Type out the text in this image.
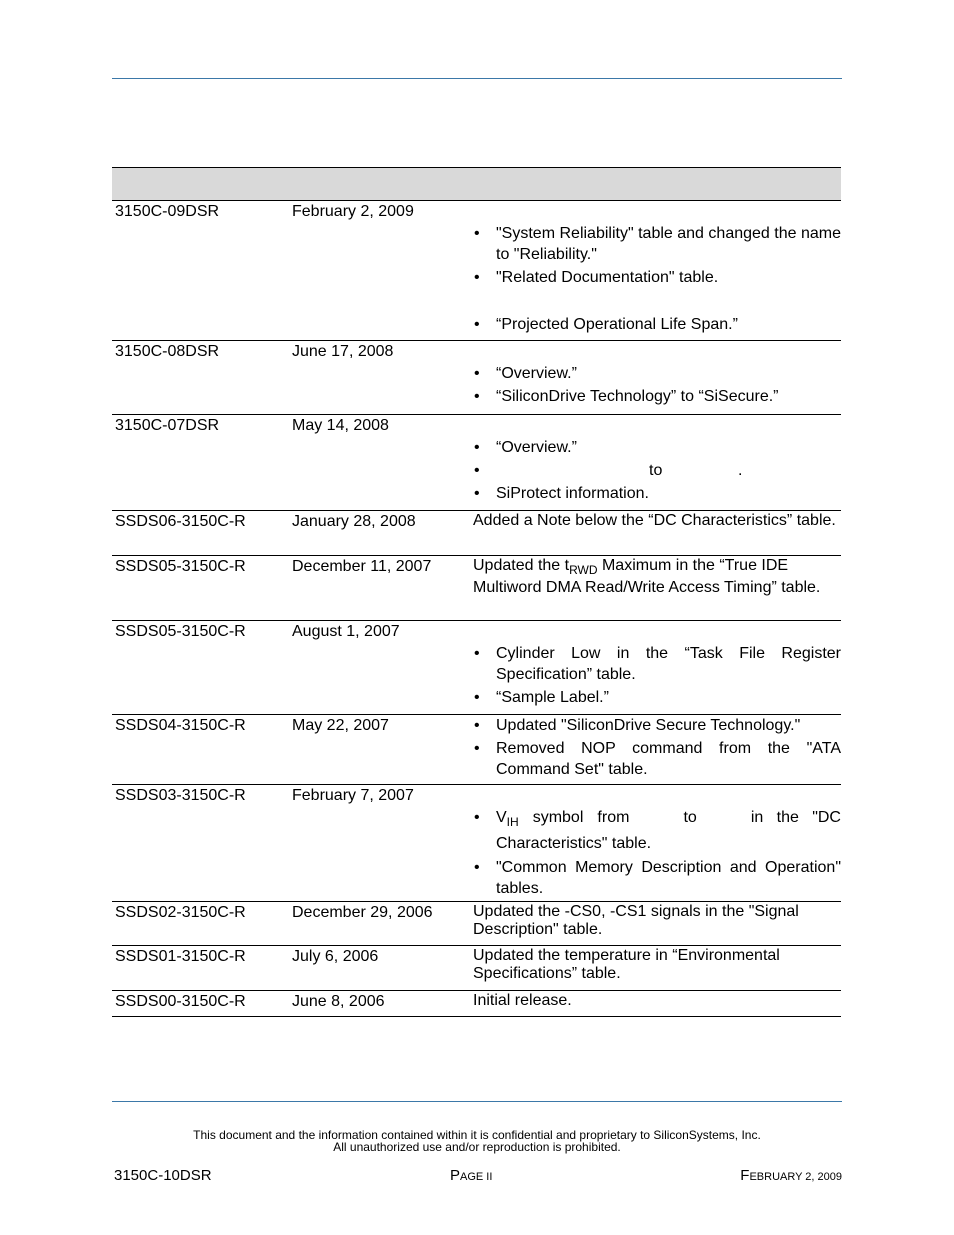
3150C-09DSR	February 2, 2009
• "System Reliability" table and changed the name to "Reliability."
• "Related Documentation" table.
• “Projected Operational Life Span.”
3150C-08DSR	June 17, 2008
• “Overview.”
• “SiliconDrive Technology” to “SiSecure.”
3150C-07DSR	May 14, 2008
• “Overview.”
•	to	.

• SiProtect information.
SSDS06-3150C-R	January 28, 2008	Added a Note below the “DC Characteristics” table.
SSDS05-3150C-R	December 11, 2007	Updated the $t_{RWD}$ Maximum in the “True IDE Multiword DMA Read/Write Access Timing” table.
SSDS05-3150C-R	August 1, 2007
• Cylinder Low in the “Task File Register Specification” table.
• “Sample Label.”
SSDS04-3150C-R	May 22, 2007	• Updated "SiliconDrive Secure Technology."
• Removed NOP command from the "ATA Command Set" table.
SSDS03-3150C-R	February 7, 2007
• $V_{IH}$ symbol from	to	in   the   "DC
Characteristics" table.
• "Common Memory Description and Operation" tables.
SSDS02-3150C-R	December 29, 2006	Updated the -CS0, -CS1 signals in the "Signal Description" table.
SSDS01-3150C-R	July 6, 2006	Updated the temperature in “Environmental Specifications” table.
SSDS00-3150C-R	June 8, 2006	Initial release.
This document and the information contained within it is confidential and proprietary to SiliconSystems, Inc.
All unauthorized use and/or reproduction is prohibited.
3150C-10DSR	PAGE II	FEBRUARY 2, 2009
